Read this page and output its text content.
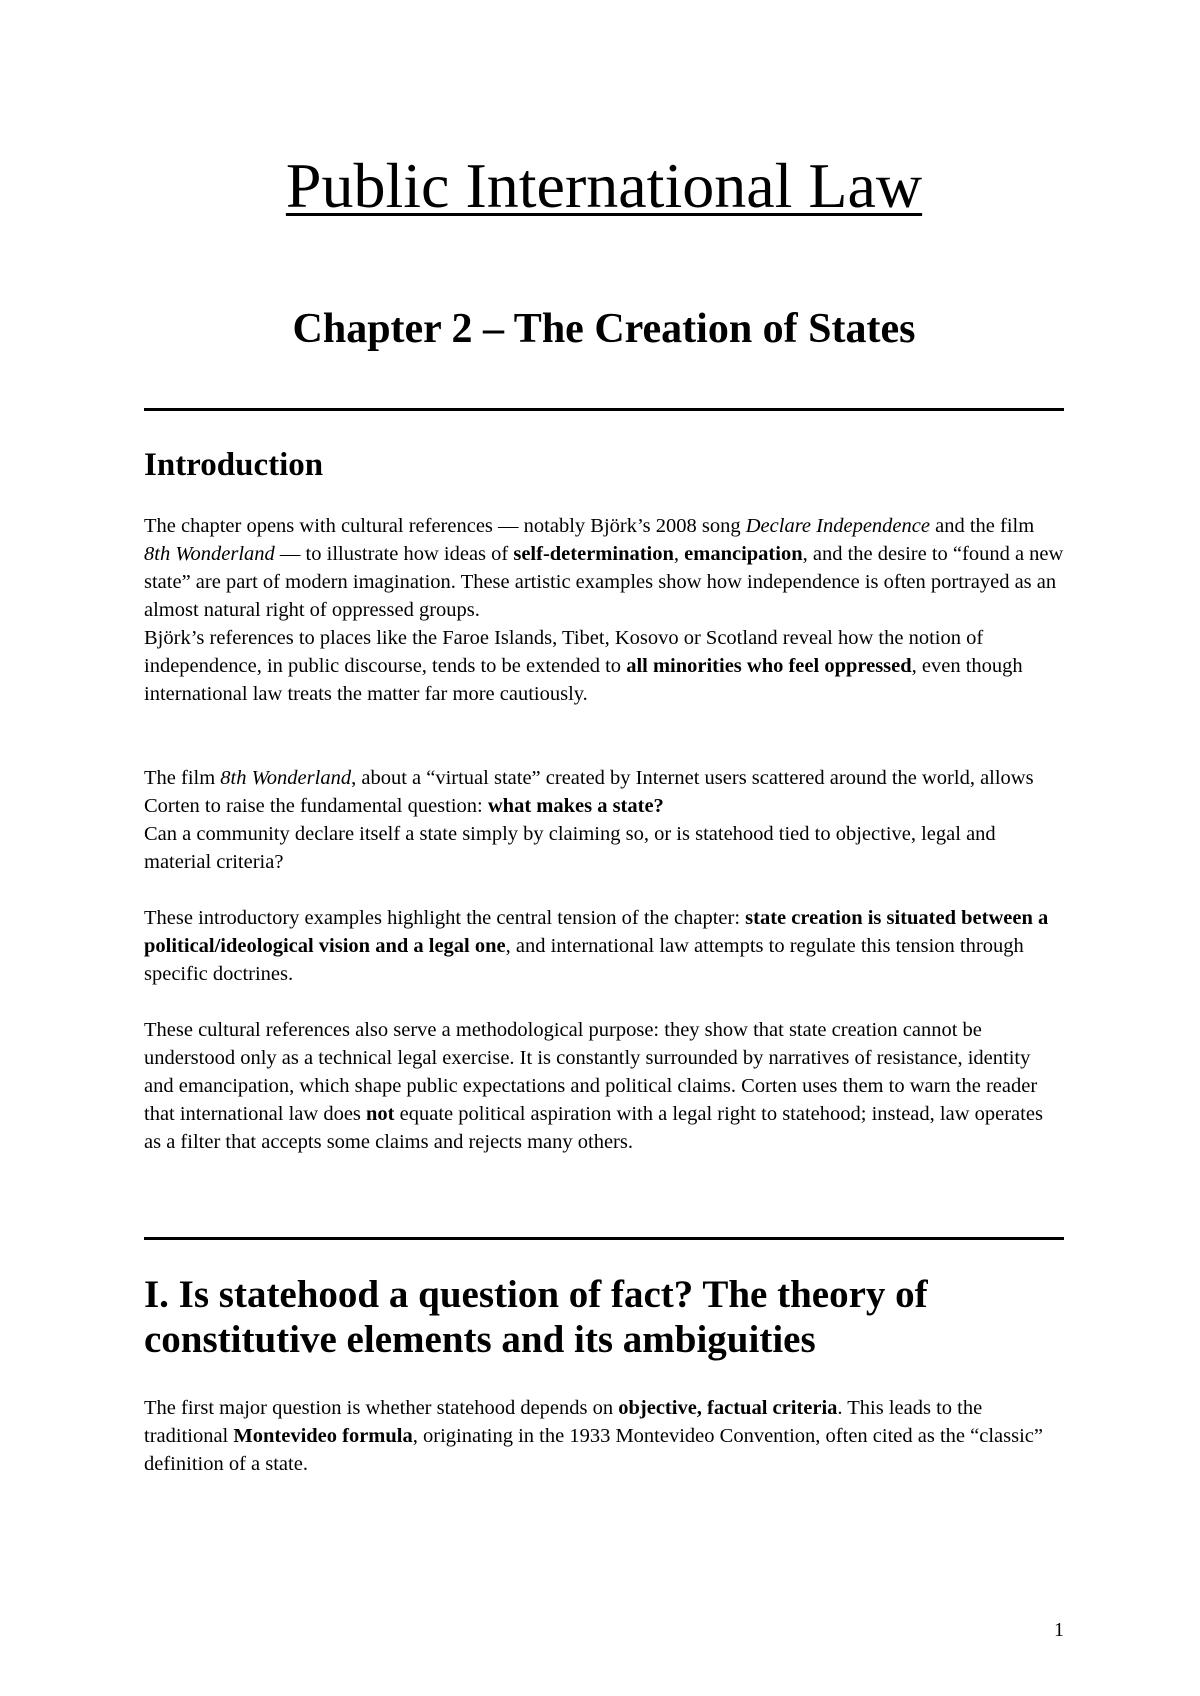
Public International Law
Chapter 2 – The Creation of States
Introduction

The chapter opens with cultural references — notably Björk’s 2008 song Declare Independence and the film 8th Wonderland — to illustrate how ideas of self-determination, emancipation, and the desire to “found a new state” are part of modern imagination. These artistic examples show how independence is often portrayed as an almost natural right of oppressed groups.
Björk’s references to places like the Faroe Islands, Tibet, Kosovo or Scotland reveal how the notion of independence, in public discourse, tends to be extended to all minorities who feel oppressed, even though international law treats the matter far more cautiously.

The film 8th Wonderland, about a “virtual state” created by Internet users scattered around the world, allows Corten to raise the fundamental question: what makes a state?
Can a community declare itself a state simply by claiming so, or is statehood tied to objective, legal and material criteria?

These introductory examples highlight the central tension of the chapter: state creation is situated between a political/ideological vision and a legal one, and international law attempts to regulate this tension through specific doctrines.

These cultural references also serve a methodological purpose: they show that state creation cannot be understood only as a technical legal exercise. It is constantly surrounded by narratives of resistance, identity and emancipation, which shape public expectations and political claims. Corten uses them to warn the reader that international law does not equate political aspiration with a legal right to statehood; instead, law operates as a filter that accepts some claims and rejects many others.

I. Is statehood a question of fact? The theory of constitutive elements and its ambiguities

The first major question is whether statehood depends on objective, factual criteria. This leads to the traditional Montevideo formula, originating in the 1933 Montevideo Convention, often cited as the “classic” definition of a state.

1
